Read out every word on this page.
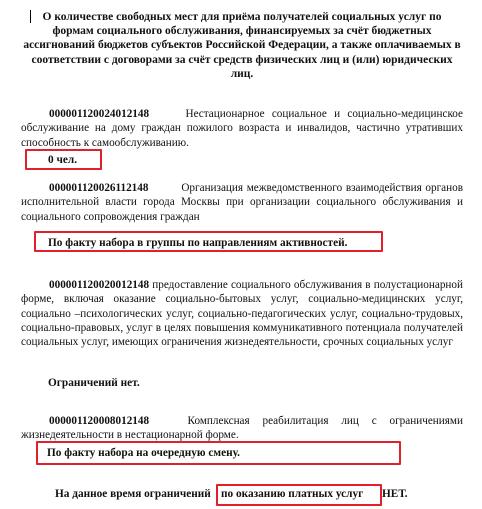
О количестве свободных мест для приёма получателей социальных услуг по формам социального обслуживания, финансируемых за счёт бюджетных ассигнований бюджетов субъектов Российской Федерации, а также оплачиваемых в соответствии с договорами за счёт средств физических лиц и (или) юридических лиц.
000001120024012148	Нестационарное социальное и социально-медицинское обслуживание на дому граждан пожилого возраста и инвалидов, частично утративших способность к самообслуживанию.
0 чел.
000001120026112148	Организация межведомственного взаимодействия органов исполнительной власти города Москвы при организации социального обслуживания и социального сопровождения граждан
По факту набора в группы по направлениям активностей.
000001120020012148 предоставление социального обслуживания в полустационарной форме, включая оказание социально-бытовых услуг, социально-медицинских услуг, социально –психологических услуг, социально-педагогических услуг, социально-трудовых, социально-правовых, услуг в целях повышения коммуникативного потенциала получателей социальных услуг, имеющих ограничения жизнедеятельности, срочных социальных услуг
Ограничений нет.
000001120008012148	Комплексная реабилитация лиц с ограничениями жизнедеятельности в нестационарной форме.
По факту набора на очередную смену.
На данное время ограничений по оказанию платных услуг НЕТ.
